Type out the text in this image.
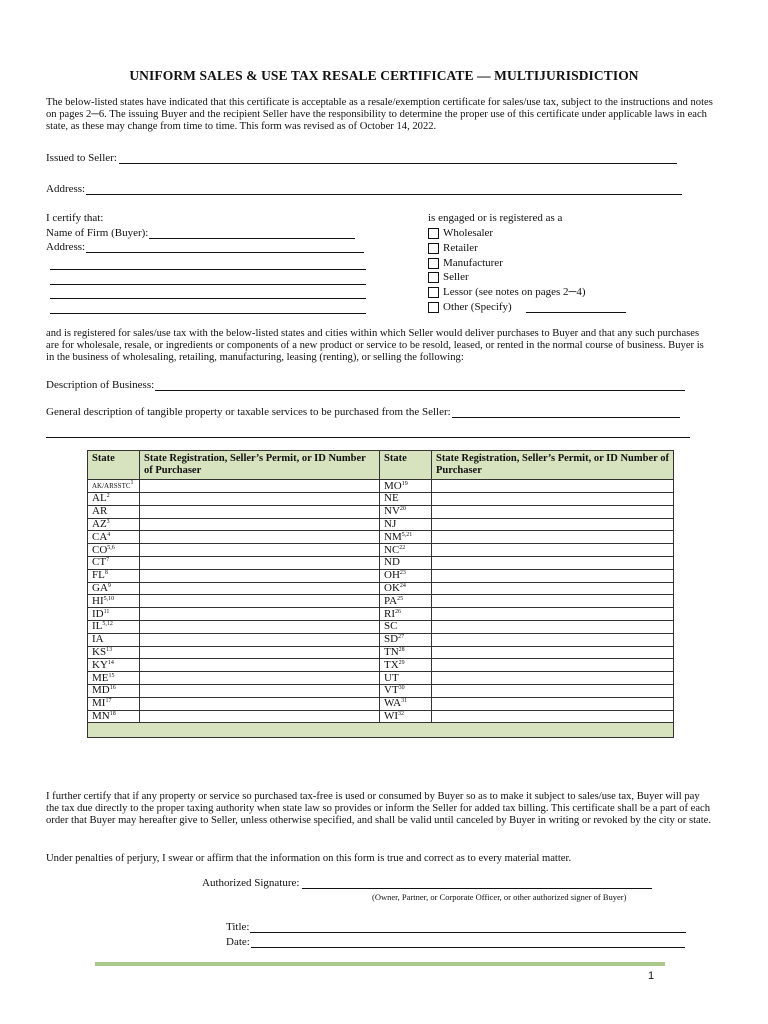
UNIFORM SALES & USE TAX RESALE CERTIFICATE — MULTIJURISDICTION
The below-listed states have indicated that this certificate is acceptable as a resale/exemption certificate for sales/use tax, subject to the instructions and notes on pages 2─6. The issuing Buyer and the recipient Seller have the responsibility to determine the proper use of this certificate under applicable laws in each state, as these may change from time to time. This form was revised as of October 14, 2022.
Issued to Seller:
Address:
I certify that:
Name of Firm (Buyer):
Address:
is engaged or is registered as a
Wholesaler
Retailer
Manufacturer
Seller
Lessor (see notes on pages 2─4)
Other (Specify)
and is registered for sales/use tax with the below-listed states and cities within which Seller would deliver purchases to Buyer and that any such purchases are for wholesale, resale, or ingredients or components of a new product or service to be resold, leased, or rented in the normal course of business. Buyer is in the business of wholesaling, retailing, manufacturing, leasing (renting), or selling the following:
Description of Business:
General description of tangible property or taxable services to be purchased from the Seller:
State	State Registration, Seller’s Permit, or ID Number of Purchaser	State	State Registration, Seller’s Permit, or ID Number of Purchaser
AK/ARSSTC$^1$		MO$^{19}$	
$AL^2$		NE	
AR		NV$^{20}$	
$AZ^3$		NJ	
$CA^4$		NM$^{5,21}$	
CO$^{5,6}$		NC$^{22}$	
$CT^7$		ND	
$FL^8$		OH$^{23}$	
$GA^9$		OK$^{24}$	
HI$^{5,10}$		PA$^{25}$	
ID$^{11}$		RI$^{26}$	
IL$^{5,12}$		SC	
IA		SD$^{27}$	
KS$^{13}$		TN$^{28}$	
KY$^{14}$		TX$^{29}$	
ME$^{15}$		UT	
MD$^{16}$		VT$^{30}$	
MI$^{17}$		WA$^{31}$	
MN$^{18}$		WI$^{32}$	

I further certify that if any property or service so purchased tax-free is used or consumed by Buyer so as to make it subject to sales/use tax, Buyer will pay the tax due directly to the proper taxing authority when state law so provides or inform the Seller for added tax billing. This certificate shall be a part of each order that Buyer may hereafter give to Seller, unless otherwise specified, and shall be valid until canceled by Buyer in writing or revoked by the city or state.
Under penalties of perjury, I swear or affirm that the information on this form is true and correct as to every material matter.
Authorized Signature:
(Owner, Partner, or Corporate Officer, or other authorized signer of Buyer)
Title:
Date:
1
